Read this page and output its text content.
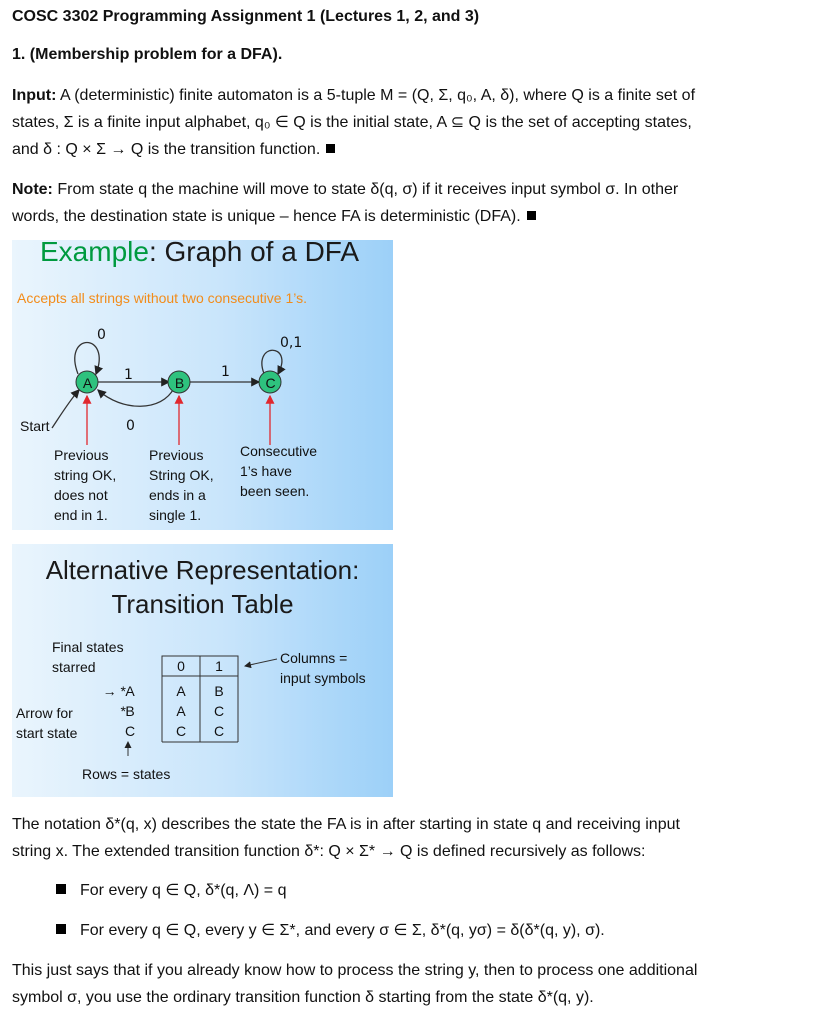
COSC 3302 Programming Assignment 1 (Lectures 1, 2, and 3)
1. (Membership problem for a DFA).
Input: A (deterministic) finite automaton is a 5-tuple M = (Q, Σ, q₀, A, δ), where Q is a finite set of
states, Σ is a finite input alphabet, q₀ ∈ Q is the initial state, A ⊆ Q is the set of accepting states,
and δ : Q × Σ → Q is the transition function.
Note: From state q the machine will move to state δ(q, σ) if it receives input symbol σ. In other
words, the destination state is unique – hence FA is deterministic (DFA).
Example: Graph of a DFA
Accepts all strings without two consecutive 1’s.
A	B	C
0
1
0
1
0,1
Start
Previous
string OK,
does not
end in 1.
Previous
String OK,
ends in a
single 1.
Consecutive
1’s have
been seen.
Alternative Representation:
Transition Table
Final states
starred
Columns =
input symbols
Arrow for
start state
Rows = states
0	1
→ * A	A	B
* B	A	C
C	C	C
The notation δ*(q, x) describes the state the FA is in after starting in state q and receiving input
string x. The extended transition function δ*: Q × Σ* → Q is defined recursively as follows:
For every q ∈ Q, δ*(q, Λ) = q
For every q ∈ Q, every y ∈ Σ*, and every σ ∈ Σ, δ*(q, yσ) = δ(δ*(q, y), σ).
This just says that if you already know how to process the string y, then to process one additional
symbol σ, you use the ordinary transition function δ starting from the state δ*(q, y).
